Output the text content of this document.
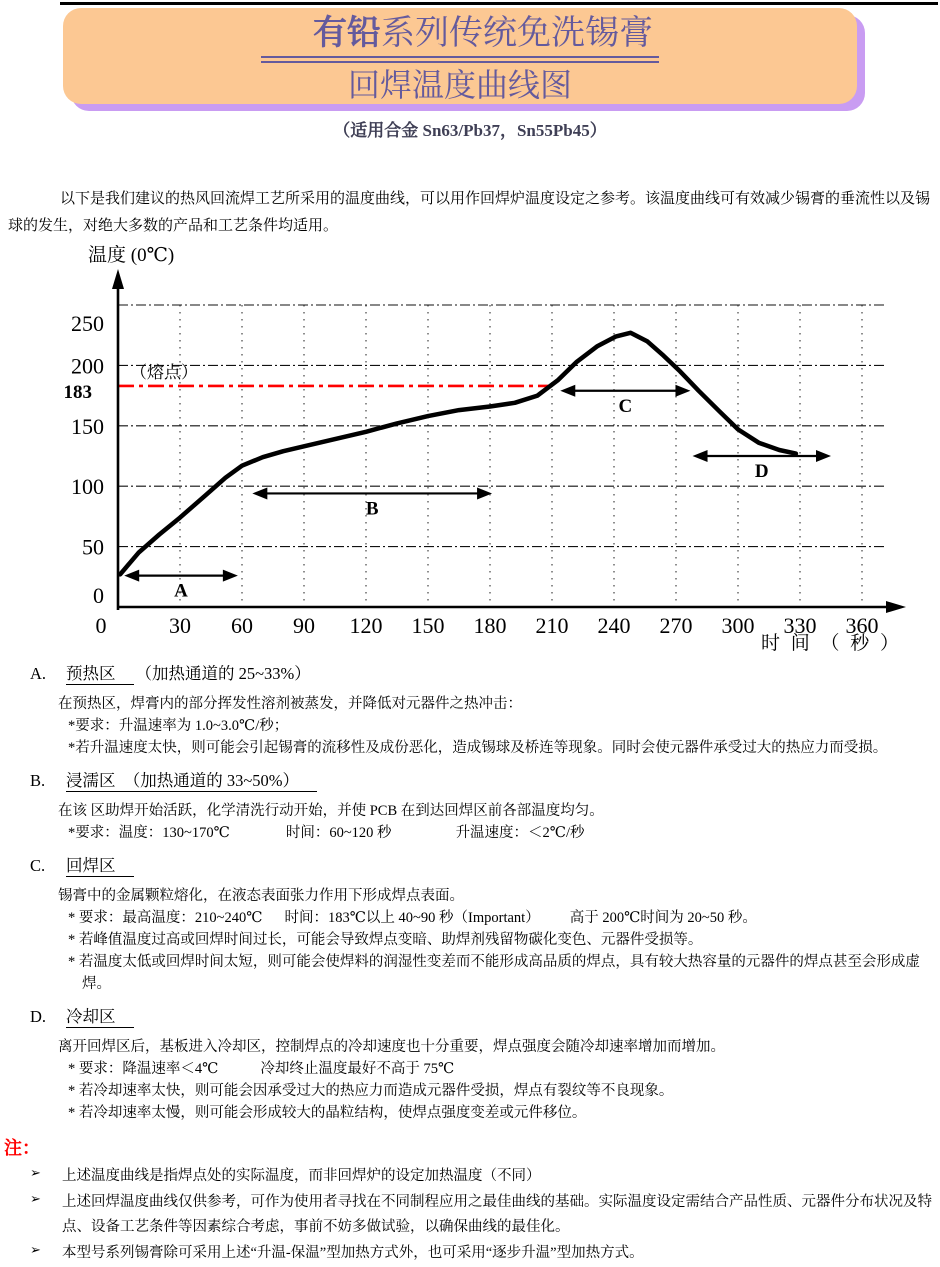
有铅系列传统免洗锡膏
回焊温度曲线图
（适用合金 Sn63/Pb37，Sn55Pb45）

以下是我们建议的热风回流焊工艺所采用的温度曲线，可以用作回焊炉温度设定之参考。该温度曲线可有效减少锡膏的垂流性以及锡球的发生，对绝大多数的产品和工艺条件均适用。

（熔点）
183
0
50
100
150
200
250
0	30 60 90 120 150 180 210 240 270 300 330 360
温度 (0℃)
时 间 （ 秒 ）
A
B
C
D
A. 预热区 （加热通道的 25~33%）
在预热区，焊膏内的部分挥发性溶剂被蒸发，并降低对元器件之热冲击：
*要求：升温速率为 1.0~3.0℃/秒；
*若升温速度太快，则可能会引起锡膏的流移性及成份恶化，造成锡球及桥连等现象。同时会使元器件承受过大的热应力而受损。
B. 浸濡区　（加热通道的 33~50%）
在该 区助焊开始活跃，化学清洗行动开始，并使 PCB 在到达回焊区前各部温度均匀。
*要求：温度：130~170℃	时间：60~120 秒	升温速度：＜2℃/秒
C. 回焊区
锡膏中的金属颗粒熔化，在液态表面张力作用下形成焊点表面。
* 要求：最高温度：210~240℃ 时间：183℃以上 40~90 秒（Important） 高于 200℃时间为 20~50 秒。
* 若峰值温度过高或回焊时间过长，可能会导致焊点变暗、助焊剂残留物碳化变色、元器件受损等。
* 若温度太低或回焊时间太短，则可能会使焊料的润湿性变差而不能形成高品质的焊点，具有较大热容量的元器件的焊点甚至会形成虚焊。
D. 冷却区
离开回焊区后，基板进入冷却区，控制焊点的冷却速度也十分重要，焊点强度会随冷却速率增加而增加。
* 要求：降温速率＜4℃	冷却终止温度最好不高于 75℃
* 若冷却速率太快，则可能会因承受过大的热应力而造成元器件受损，焊点有裂纹等不良现象。
* 若冷却速率太慢，则可能会形成较大的晶粒结构，使焊点强度变差或元件移位。
注：
➢	上述温度曲线是指焊点处的实际温度，而非回焊炉的设定加热温度（不同）
➢	上述回焊温度曲线仅供参考，可作为使用者寻找在不同制程应用之最佳曲线的基础。实际温度设定需结合产品性质、元器件分布状况及特点、设备工艺条件等因素综合考虑，事前不妨多做试验，以确保曲线的最佳化。
➢	本型号系列锡膏除可采用上述“升温-保温”型加热方式外，也可采用“逐步升温”型加热方式。
